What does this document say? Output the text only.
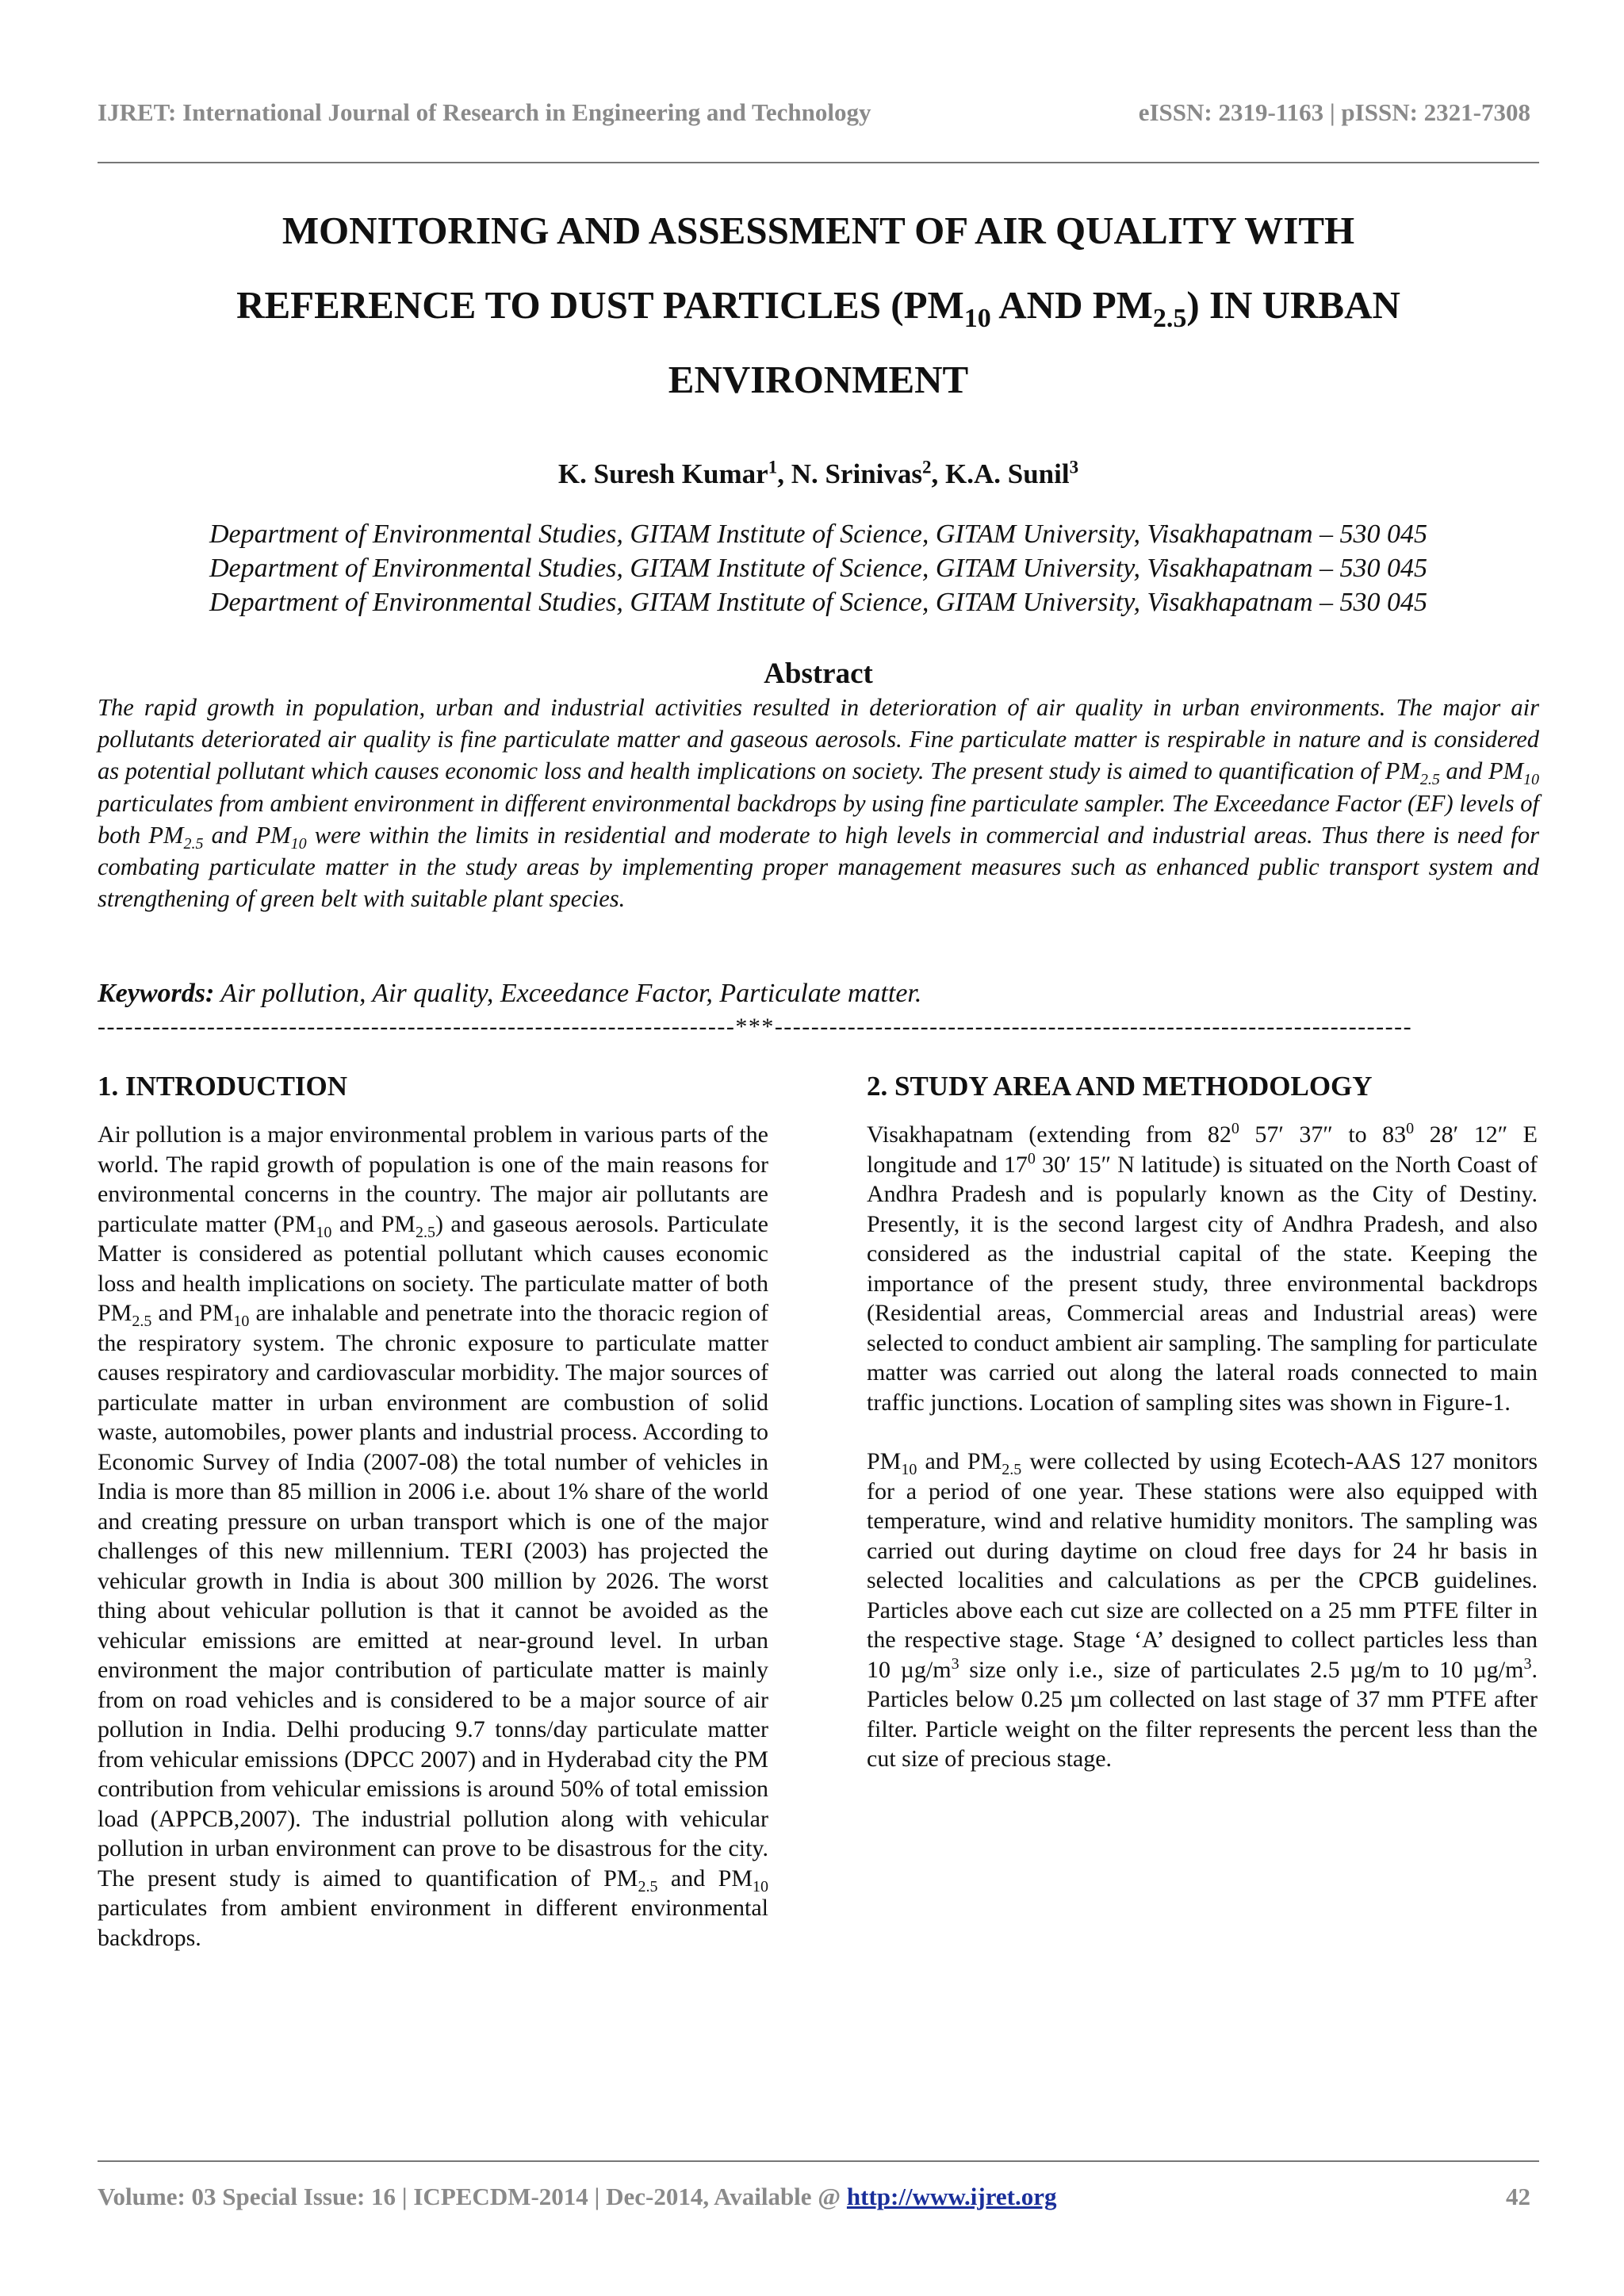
IJRET: International Journal of Research in Engineering and Technology	eISSN: 2319-1163 | pISSN: 2321-7308
MONITORING AND ASSESSMENT OF AIR QUALITY WITH
REFERENCE TO DUST PARTICLES ($PM_{10}$ AND $PM_{2.5}$) IN URBAN
ENVIRONMENT
K. Suresh Kumar$^1$, N. Srinivas$^2$, K.A. Sunil$^3$
Department of Environmental Studies, GITAM Institute of Science, GITAM University, Visakhapatnam – 530 045
Department of Environmental Studies, GITAM Institute of Science, GITAM University, Visakhapatnam – 530 045
Department of Environmental Studies, GITAM Institute of Science, GITAM University, Visakhapatnam – 530 045
Abstract
The rapid growth in population, urban and industrial activities resulted in deterioration of air quality in urban environments. The major air pollutants deteriorated air quality is fine particulate matter and gaseous aerosols. Fine particulate matter is respirable in nature and is considered as potential pollutant which causes economic loss and health implications on society. The present study is aimed to quantification of $PM_{2.5}$ and $PM_{10}$ particulates from ambient environment in different environmental backdrops by using fine particulate sampler. The Exceedance Factor (EF) levels of both $PM_{2.5}$ and $PM_{10}$ were within the limits in residential and moderate to high levels in commercial and industrial areas. Thus there is need for combating particulate matter in the study areas by implementing proper management measures such as enhanced public transport system and strengthening of green belt with suitable plant species.
Keywords: Air pollution, Air quality, Exceedance Factor, Particulate matter.
----------------------------------------------------------------------***----------------------------------------------------------------------
1. INTRODUCTION	2. STUDY AREA AND METHODOLOGY

Air pollution is a major environmental problem in various parts of the world. The rapid growth of population is one of the main reasons for environmental concerns in the country. The major air pollutants are particulate matter ($PM_{10}$ and $PM_{2.5}$) and gaseous aerosols. Particulate Matter is considered as potential pollutant which causes economic loss and health implications on society. The particulate matter of both $PM_{2.5}$ and $PM_{10}$ are inhalable and penetrate into the thoracic region of the respiratory system. The chronic exposure to particulate matter causes respiratory and cardiovascular morbidity. The major sources of particulate matter in urban environment are combustion of solid waste, automobiles, power plants and industrial process. According to Economic Survey of India (2007-08) the total number of vehicles in India is more than 85 million in 2006 i.e. about 1% share of the world and creating pressure on urban transport which is one of the major challenges of this new millennium. TERI (2003) has projected the vehicular growth in India is about 300 million by 2026. The worst thing about vehicular pollution is that it cannot be avoided as the vehicular emissions are emitted at near-ground level. In urban environment the major contribution of particulate matter is mainly from on road vehicles and is considered to be a major source of air pollution in India. Delhi producing 9.7 tonns/day particulate matter from vehicular emissions (DPCC 2007) and in Hyderabad city the PM contribution from vehicular emissions is around 50% of total emission load (APPCB,2007). The industrial pollution along with vehicular pollution in urban environment can prove to be disastrous for the city. The present study is aimed to quantification of $PM_{2.5}$ and $PM_{10}$ particulates from ambient environment in different environmental backdrops.

Visakhapatnam (extending from $82^0$ 57′ 37″ to $83^0$ 28′ 12″ E longitude and $17^0$ 30′ 15″ N latitude) is situated on the North Coast of Andhra Pradesh and is popularly known as the City of Destiny. Presently, it is the second largest city of Andhra Pradesh, and also considered as the industrial capital of the state. Keeping the importance of the present study, three environmental backdrops (Residential areas, Commercial areas and Industrial areas) were selected to conduct ambient air sampling. The sampling for particulate matter was carried out along the lateral roads connected to main traffic junctions. Location of sampling sites was shown in Figure-1.

$PM_{10}$ and $PM_{2.5}$ were collected by using Ecotech-AAS 127 monitors for a period of one year. These stations were also equipped with temperature, wind and relative humidity monitors. The sampling was carried out during daytime on cloud free days for 24 hr basis in selected localities and calculations as per the CPCB guidelines. Particles above each cut size are collected on a 25 mm PTFE filter in the respective stage. Stage ‘A’ designed to collect particles less than 10 $\mu g/m^3$ size only i.e., size of particulates 2.5 µg/m to 10 $\mu g/m^3$. Particles below 0.25 µm collected on last stage of 37 mm PTFE after filter. Particle weight on the filter represents the percent less than the cut size of precious stage.

Volume: 03 Special Issue: 16 | ICPECDM-2014 | Dec-2014, Available @ http://www.ijret.org	42
